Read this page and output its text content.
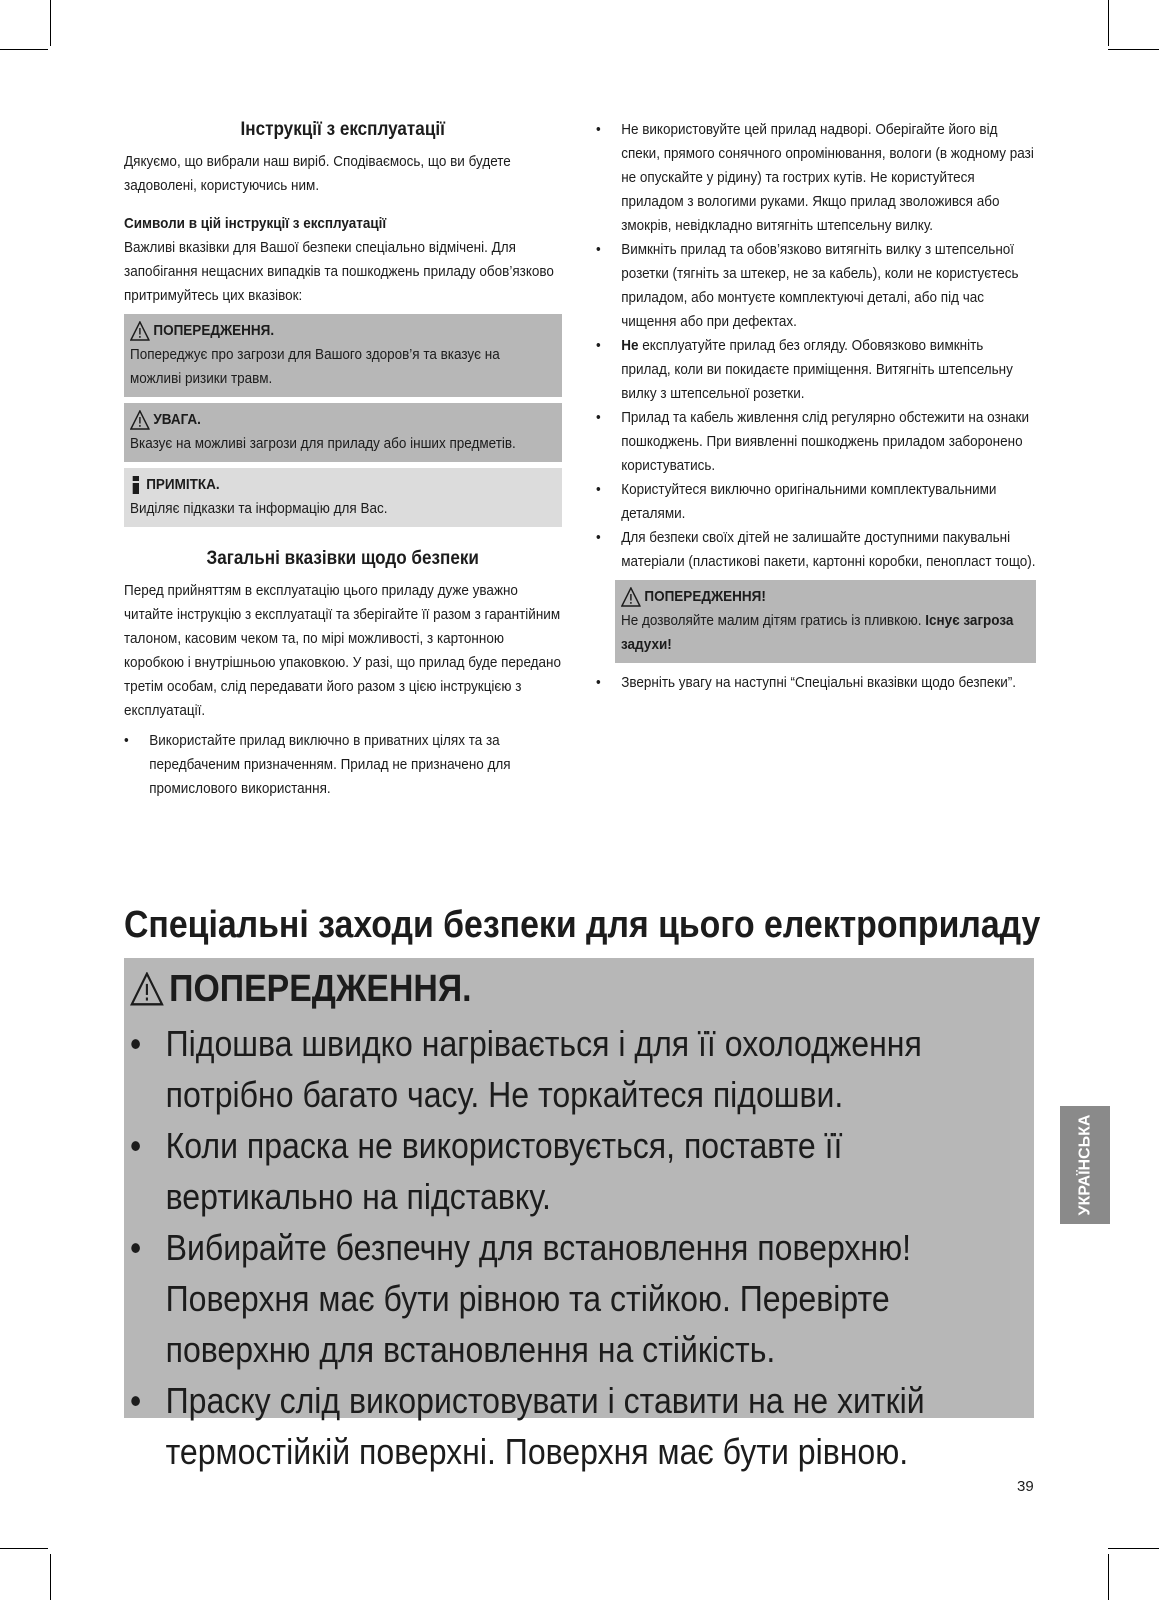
Інструкції з експлуатації

Дякуємо, що вибрали наш виріб. Сподіваємось, що ви будете задоволені, користуючись ним.

Символи в цій інструкції з експлуатації

Важливі вказівки для Вашої безпеки спеціально відмічені. Для запобігання нещасних випадків та пошкоджень приладу обов’язково притримуйтесь цих вказівок:

ПОПЕРЕДЖЕННЯ.

Попереджує про загрози для Вашого здоров’я та вказує на можливі ризики травм.

УВАГА.

Вказує на можливі загрози для приладу або інших предметів.

ПРИМІТКА.

Виділяє підказки та інформацію для Вас.

Загальні вказівки щодо безпеки

Перед прийняттям в експлуатацію цього приладу дуже уважно читайте інструкцію з експлуатації та зберігайте її разом з гарантійним талоном, касовим чеком та, по мірі можливості, з картонною коробкою і внутрішньою упаковкою. У разі, що прилад буде передано третім особам, слід передавати його разом з цією інструкцією з експлуатації.

• Використайте прилад виключно в приватних цілях та за передбаченим призначенням. Прилад не призначено для промислового використання.
• Не використовуйте цей прилад надворі. Оберігайте його від спеки, прямого сонячного опромінювання, вологи (в жодному разі не опускайте у рідину) та гострих кутів. Не користуйтеся приладом з вологими руками. Якщо прилад зволожився або змокрів, невідкладно витягніть штепсельну вилку.
• Вимкніть прилад та обов’язково витягніть вилку з штепсельної розетки (тягніть за штекер, не за кабель), коли не користуєтесь приладом, або монтуєте комплектуючі деталі, або під час чищення або при дефектах.
• Не експлуатуйте прилад без огляду. Обовязково вимкніть прилад, коли ви покидаєте приміщення. Витягніть штепсельну вилку з штепсельної розетки.
• Прилад та кабель живлення слід регулярно обстежити на ознаки пошкоджень. При виявленні пошкоджень приладом заборонено користуватись.
• Користуйтеся виключно оригінальними комплектувальними деталями.
• Для безпеки своїх дітей не залишайте доступними пакувальні матеріали (пластикові пакети, картонні коробки, пенопласт тощо).
ПОПЕРЕДЖЕННЯ!

Не дозволяйте малим дітям гратись із пливкою. Існує загроза задухи!

• Зверніть увагу на наступні “Спеціальні вказівки щодо безпеки”.
Спеціальні заходи безпеки для цього електроприладу
ПОПЕРЕДЖЕННЯ.
• Підошва швидко нагрівається і для її охолодження потрібно багато часу. Не торкайтеся підошви.
• Коли праска не використовується, поставте її вертикально на підставку.
• Вибирайте безпечну для встановлення поверхню! Поверхня має бути рівною та стійкою. Перевірте поверхню для встановлення на стійкість.
• Праску слід використовувати і ставити на не хиткій термостійкій поверхні. Поверхня має бути рівною.
УКРАЇНСЬКА
39
